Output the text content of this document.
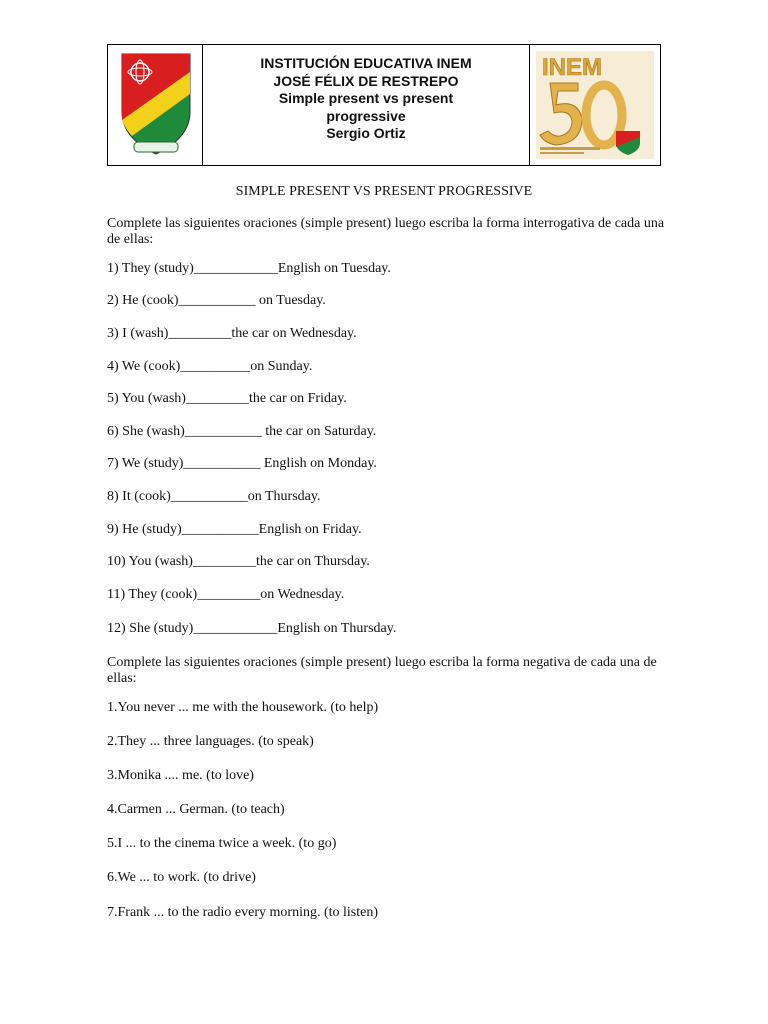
INSTITUCIÓN EDUCATIVA INEM
JOSÉ FÉLIX DE RESTREPO
Simple present vs present
progressive
Sergio Ortiz
INEM
SIMPLE PRESENT VS PRESENT PROGRESSIVE
Complete las siguientes oraciones (simple present) luego escriba la forma interrogativa de cada una de ellas:
1) They (study)____________English on Tuesday.
2) He (cook)___________ on Tuesday.
3) I (wash)_________the car on Wednesday.
4) We (cook)__________on Sunday.
5) You (wash)_________the car on Friday.
6) She (wash)___________ the car on Saturday.
7) We (study)___________ English on Monday.
8) It (cook)___________on Thursday.
9) He (study)___________English on Friday.
10) You (wash)_________the car on Thursday.
11) They (cook)_________on Wednesday.
12) She (study)____________English on Thursday.
Complete las siguientes oraciones (simple present) luego escriba la forma negativa de cada una de ellas:
1.You never ... me with the housework. (to help)
2.They ... three languages. (to speak)
3.Monika .... me. (to love)
4.Carmen ... German. (to teach)
5.I ... to the cinema twice a week. (to go)
6.We ... to work. (to drive)
7.Frank ... to the radio every morning. (to listen)
